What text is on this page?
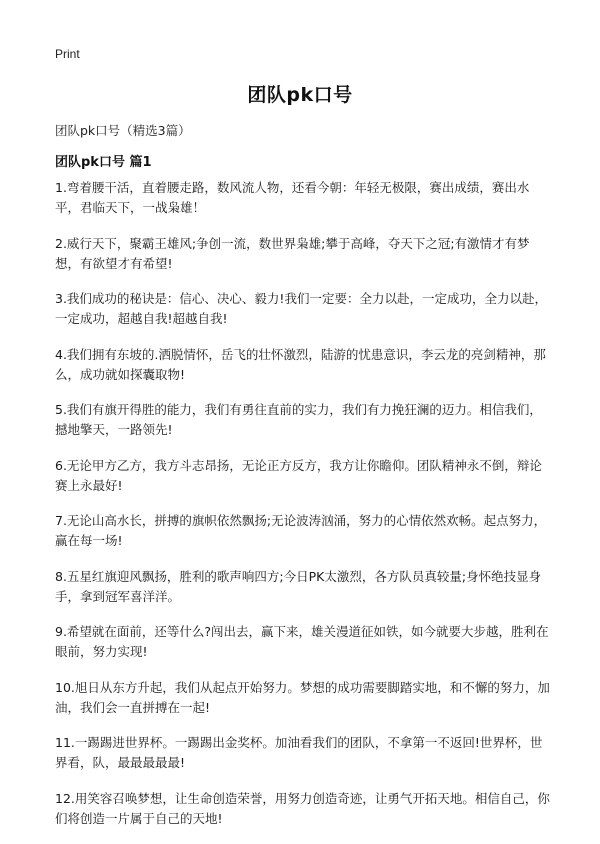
Print
团队pk口号
团队pk口号（精选3篇）
团队pk口号 篇1
1.弯着腰干活，直着腰走路，数风流人物，还看今朝：年轻无极限，赛出成绩，赛出水平，君临天下，一战枭雄！
2.威行天下，聚霸王雄风;争创一流，数世界枭雄;攀于高峰，夺天下之冠;有激情才有梦想，有欲望才有希望!
3.我们成功的秘诀是：信心、决心、毅力!我们一定要：全力以赴，一定成功，全力以赴，一定成功，超越自我!超越自我!
4.我们拥有东坡的.洒脱情怀，岳飞的壮怀激烈，陆游的忧患意识，李云龙的亮剑精神，那么，成功就如探囊取物!
5.我们有旗开得胜的能力，我们有勇往直前的实力，我们有力挽狂澜的迈力。相信我们，撼地擎天，一路领先!
6.无论甲方乙方，我方斗志昂扬，无论正方反方，我方让你瞻仰。团队精神永不倒，辩论赛上永最好!
7.无论山高水长，拼搏的旗帜依然飘扬;无论波涛汹涌，努力的心情依然欢畅。起点努力，赢在每一场!
8.五星红旗迎风飘扬，胜利的歌声响四方;今日PK太激烈，各方队员真较量;身怀绝技显身手，拿到冠军喜洋洋。
9.希望就在面前，还等什么?闯出去，赢下来，雄关漫道征如铁，如今就要大步越，胜利在眼前，努力实现!
10.旭日从东方升起，我们从起点开始努力。梦想的成功需要脚踏实地，和不懈的努力，加油，我们会一直拼搏在一起!
11.一踢踢进世界杯。一踢踢出金奖杯。加油看我们的团队，不拿第一不返回!世界杯，世界看，队，最最最最最!
12.用笑容召唤梦想，让生命创造荣誉，用努力创造奇迹，让勇气开拓天地。相信自己，你们将创造一片属于自己的天地!
